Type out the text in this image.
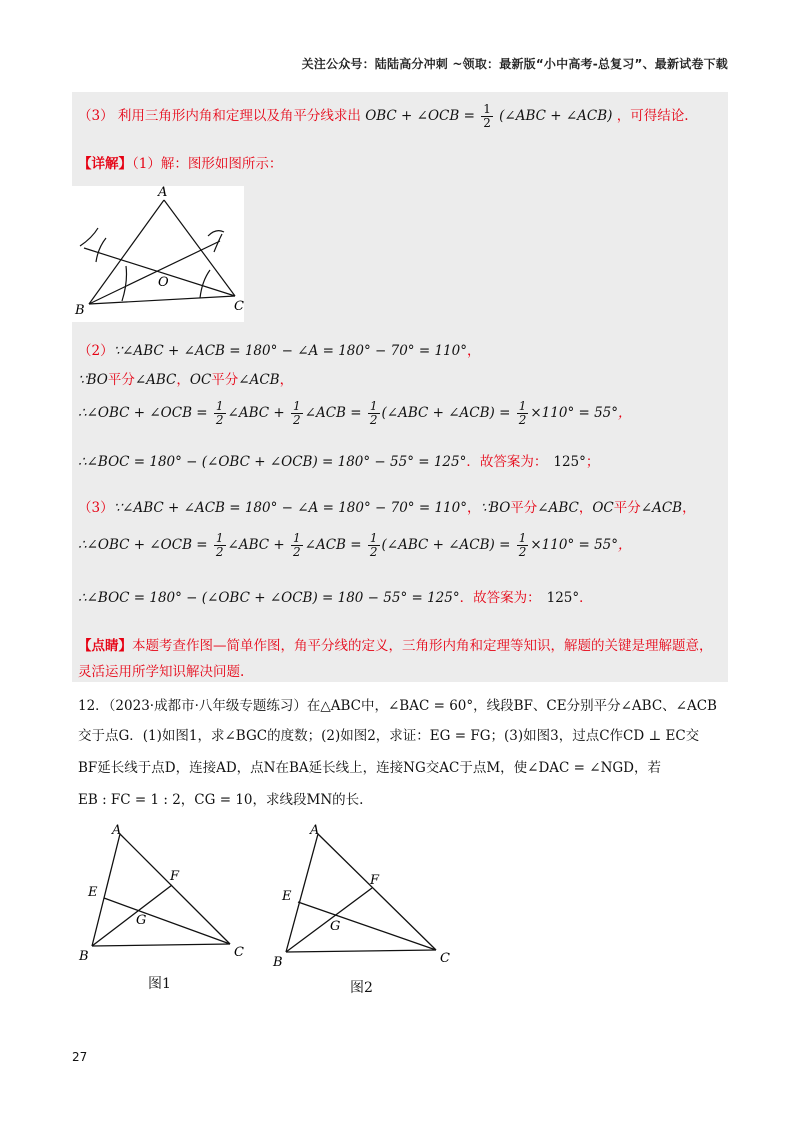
关注公众号：陆陆高分冲刺 ~领取：最新版“小中高考-总复习”、最新试卷下载
（3） 利用三角形内角和定理以及角平分线求出 OBC + ∠OCB = $\frac{1}{2}$ (∠ABC + ∠ACB) ，可得结论.
【详解】（1）解：图形如图所示：
A
B	C
O
（2）∵∠ABC + ∠ACB = 180° − ∠A = 180° − 70° = 110°，
∵BO平分∠ABC，OC平分∠ACB，
∴∠OBC + ∠OCB = $\frac{1}{2}$ ∠ABC + $\frac{1}{2}$ ∠ACB = $\frac{1}{2}$ (∠ABC + ∠ACB) = $\frac{1}{2} \times 110^\circ = 55^\circ$，
∴∠BOC = 180° − (∠OBC + ∠OCB) = 180° − 55° = 125°．故答案为： 125°；
（3）∵∠ABC + ∠ACB = 180° − ∠A = 180° − 70° = 110°，∵BO平分∠ABC，OC平分∠ACB，
∴∠OBC + ∠OCB = $\frac{1}{2}$ ∠ABC + $\frac{1}{2}$ ∠ACB = $\frac{1}{2}$ (∠ABC + ∠ACB) = $\frac{1}{2} \times 110^\circ = 55^\circ$，
∴∠BOC = 180° − (∠OBC + ∠OCB) = 180 − 55° = 125°．故答案为： 125°．
【点睛】本题考查作图—简单作图，角平分线的定义，三角形内角和定理等知识，解题的关键是理解题意，
灵活运用所学知识解决问题.
12．（2023·成都市·八年级专题练习）在△ABC中，∠BAC = 60°，线段BF、CE分别平分∠ABC、∠ACB
交于点G．(1)如图1，求∠BGC的度数；(2)如图2，求证：EG = FG；(3)如图3，过点C作CD ⊥ EC交
BF延长线于点D，连接AD，点N在BA延长线上，连接NG交AC于点M，使∠DAC = ∠NGD，若
EB : FC = 1 : 2，CG = 10，求线段MN的长.
A
B	C
E
F
G
图1
A
B	C
E
F
G
图2
27
